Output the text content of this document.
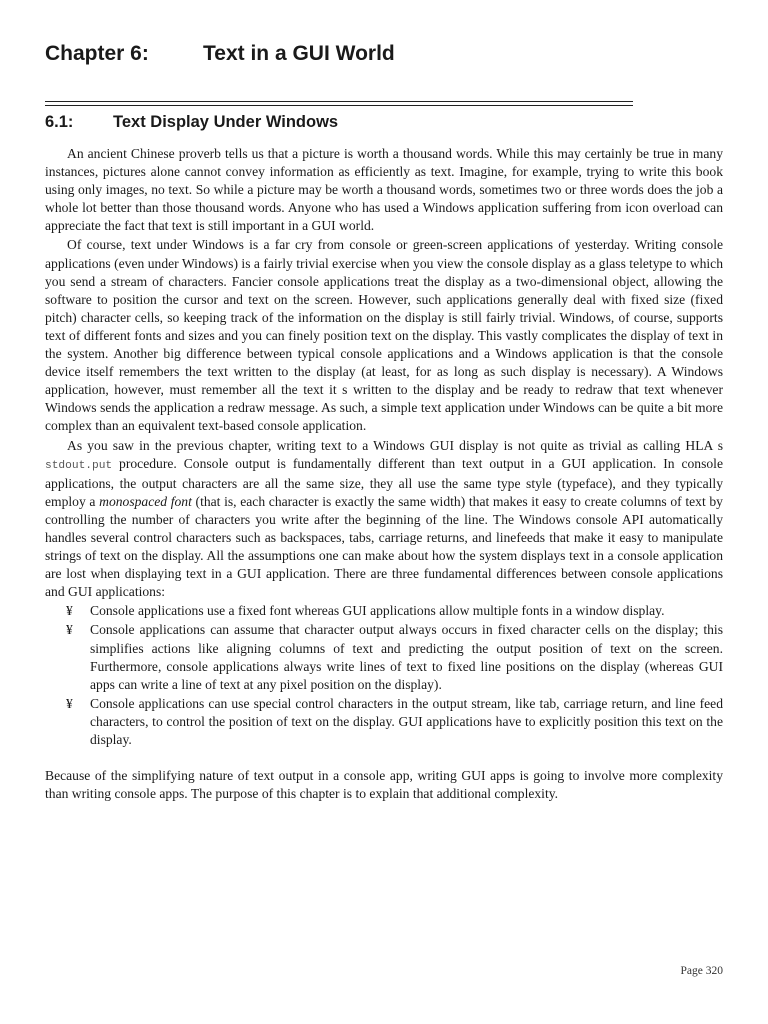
Chapter 6:	Text in a GUI World
6.1: Text Display Under Windows

An ancient Chinese proverb tells us that a picture is worth a thousand words. While this may certainly be true in many instances, pictures alone cannot convey information as efficiently as text. Imagine, for example, trying to write this book using only images, no text. So while a picture may be worth a thousand words, sometimes two or three words does the job a whole lot better than those thousand words. Anyone who has used a Windows application suffering from icon overload can appreciate the fact that text is still important in a GUI world.

Of course, text under Windows is a far cry from console or green-screen applications of yesterday. Writing console applications (even under Windows) is a fairly trivial exercise when you view the console display as a glass teletype to which you send a stream of characters. Fancier console applications treat the display as a two-dimensional object, allowing the software to position the cursor and text on the screen. However, such applications generally deal with fixed size (fixed pitch) character cells, so keeping track of the information on the display is still fairly trivial. Windows, of course, supports text of different fonts and sizes and you can finely position text on the display. This vastly complicates the display of text in the system. Another big difference between typical console applications and a Windows application is that the console device itself remembers the text written to the display (at least, for as long as such display is necessary). A Windows application, however, must remember all the text it s written to the display and be ready to redraw that text whenever Windows sends the application a redraw message. As such, a simple text application under Windows can be quite a bit more complex than an equivalent text-based console application.

As you saw in the previous chapter, writing text to a Windows GUI display is not quite as trivial as calling HLA s stdout.put procedure. Console output is fundamentally different than text output in a GUI application. In console applications, the output characters are all the same size, they all use the same type style (typeface), and they typically employ a monospaced font (that is, each character is exactly the same width) that makes it easy to create columns of text by controlling the number of characters you write after the beginning of the line. The Windows console API automatically handles several control characters such as backspaces, tabs, carriage returns, and linefeeds that make it easy to manipulate strings of text on the display. All the assumptions one can make about how the system displays text in a console application are lost when displaying text in a GUI application. There are three fundamental differences between console applications and GUI applications:

¥ Console applications use a fixed font whereas GUI applications allow multiple fonts in a window display.
¥ Console applications can assume that character output always occurs in fixed character cells on the display; this simplifies actions like aligning columns of text and predicting the output position of text on the screen. Furthermore, console applications always write lines of text to fixed line positions on the display (whereas GUI apps can write a line of text at any pixel position on the display).
¥ Console applications can use special control characters in the output stream, like tab, carriage return, and line feed characters, to control the position of text on the display. GUI applications have to explicitly position this text on the display.

Because of the simplifying nature of text output in a console app, writing GUI apps is going to involve more complexity than writing console apps. The purpose of this chapter is to explain that additional complexity.

Page 320
